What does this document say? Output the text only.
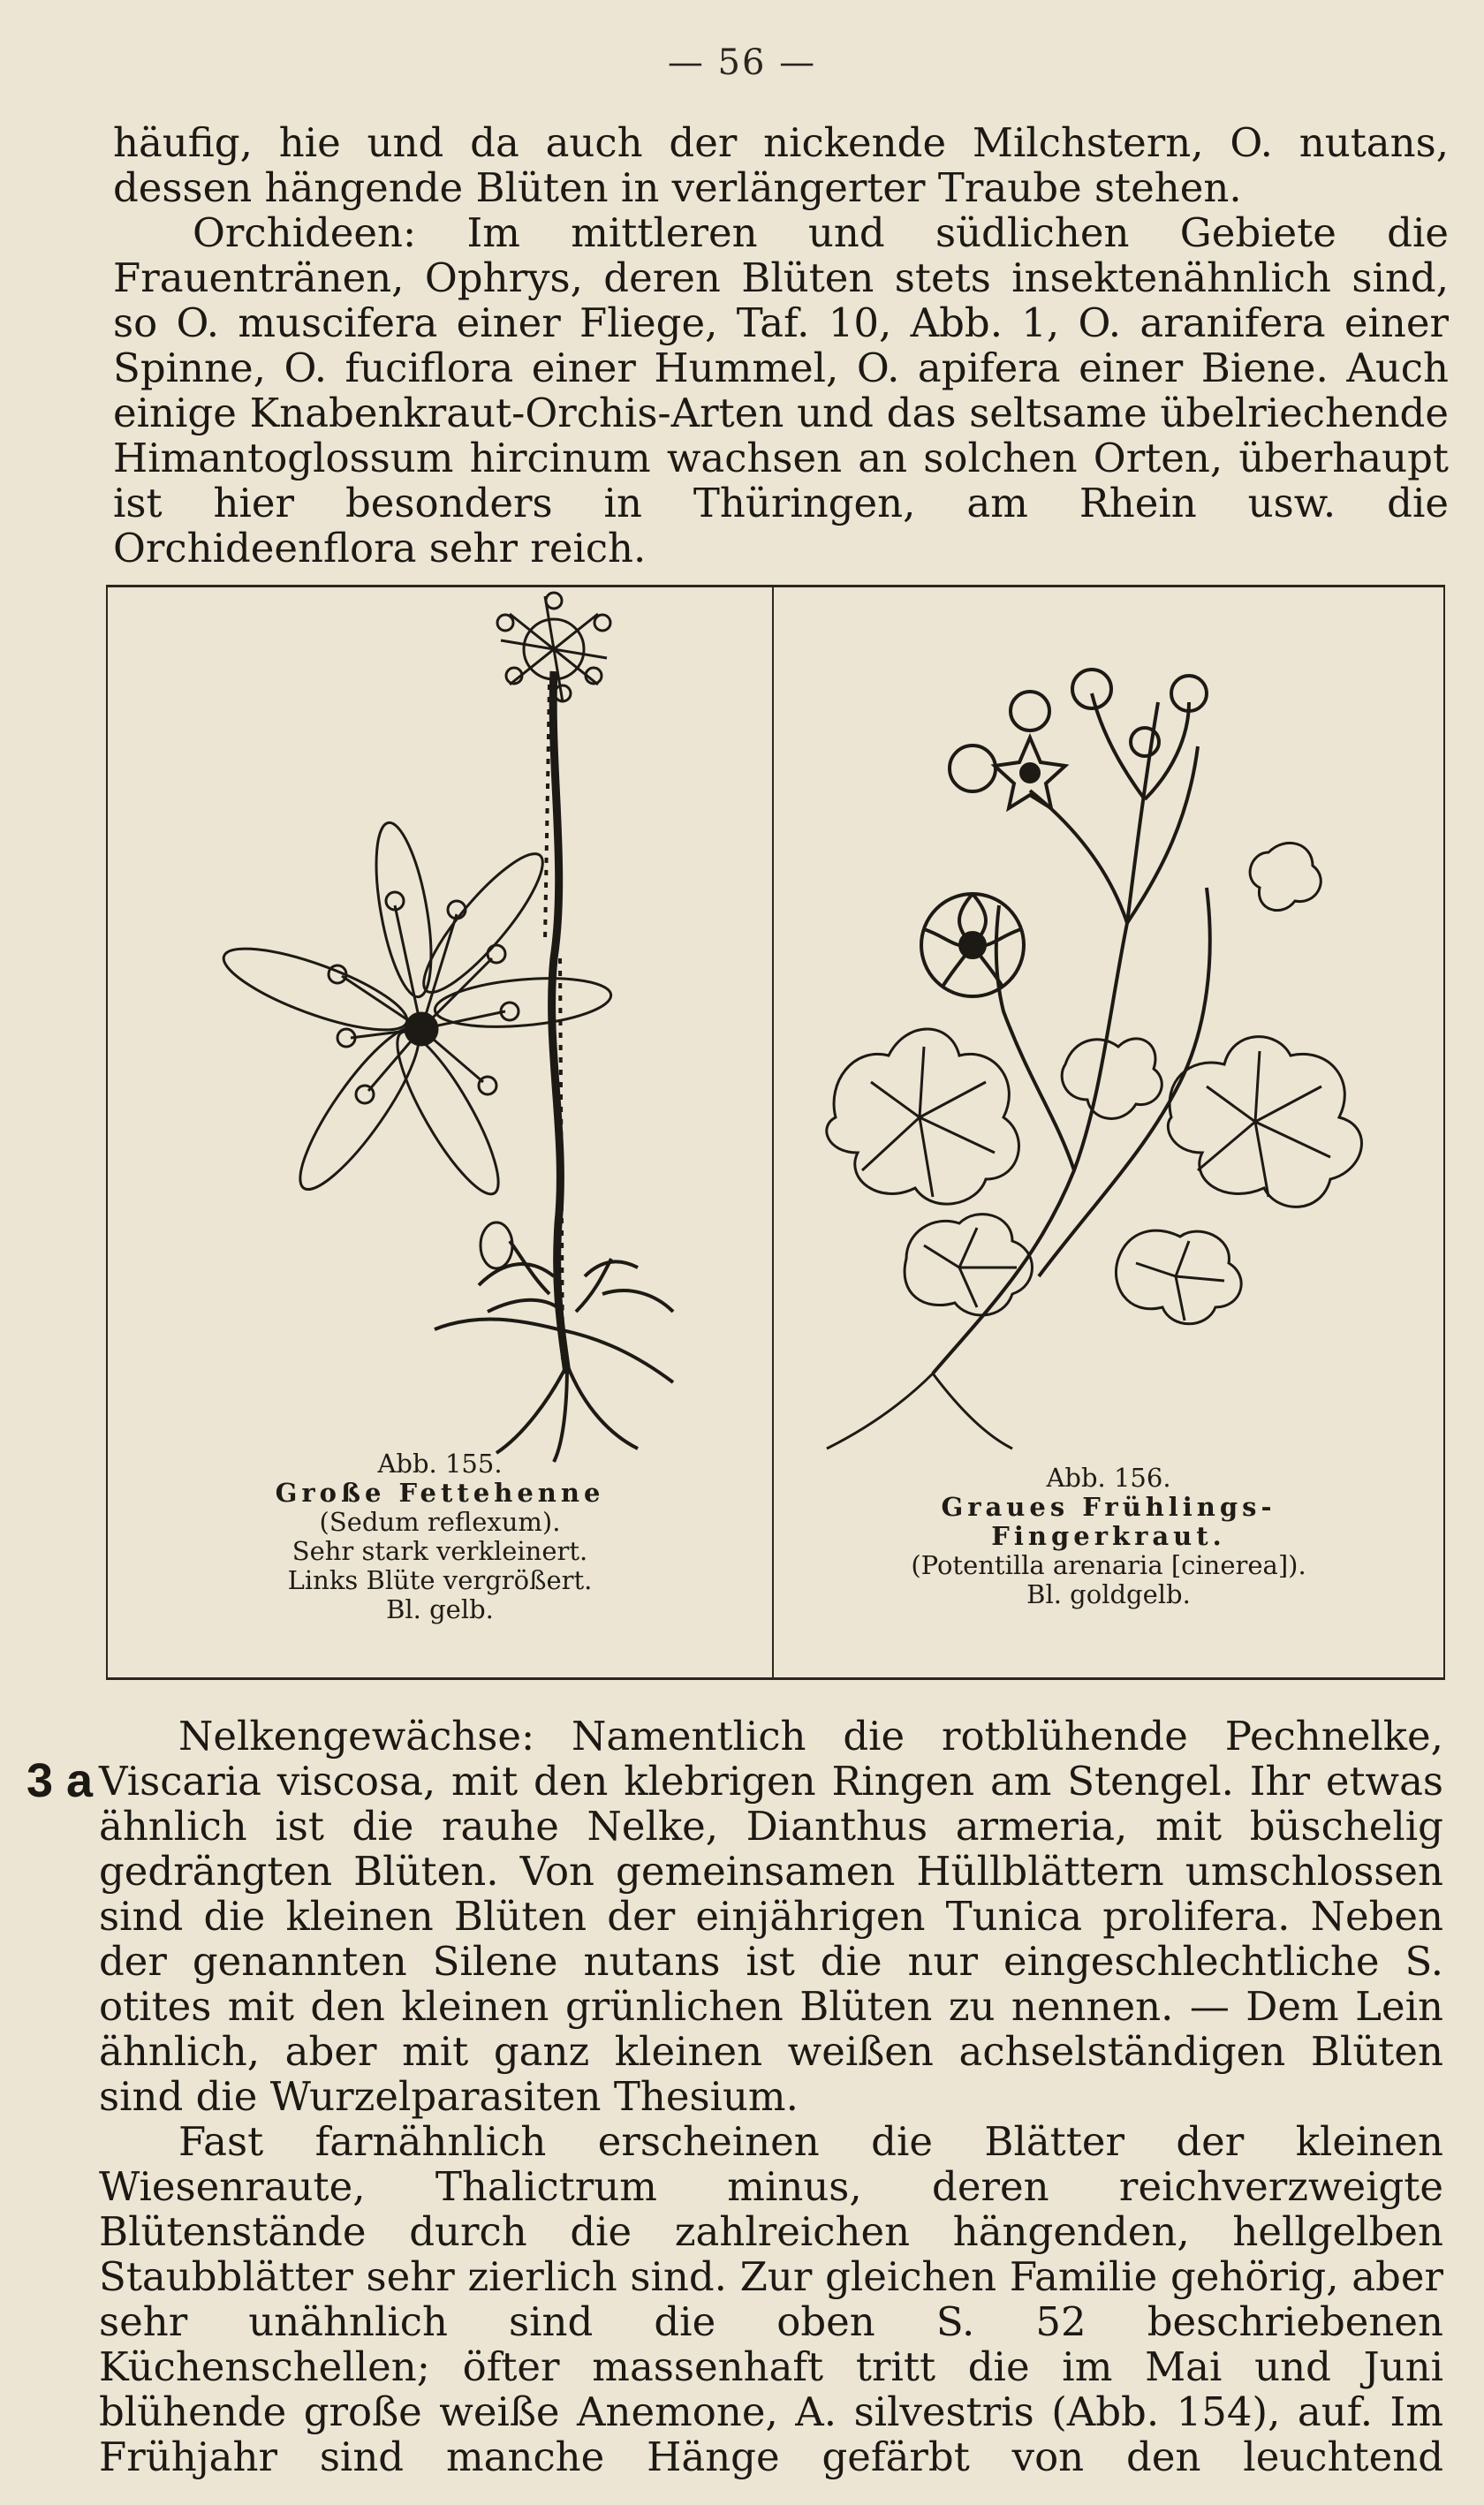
— 56 —

häufig, hie und da auch der nickende Milchstern, O. nutans, dessen hängende Blüten in verlängerter Traube stehen.

Orchideen: Im mittleren und südlichen Gebiete die Frauentränen, Ophrys, deren Blüten stets insektenähnlich sind, so O. muscifera einer Fliege, Taf. 10, Abb. 1, O. aranifera einer Spinne, O. fuciflora einer Hummel, O. apifera einer Biene. Auch einige Knabenkraut-Orchis-Arten und das seltsame übelriechende Himantoglossum hircinum wachsen an solchen Orten, überhaupt ist hier besonders in Thüringen, am Rhein usw. die Orchideenflora sehr reich.

Abb. 155.
Große Fettehenne
(Sedum reflexum).
Sehr stark verkleinert.
Links Blüte vergrößert.
Bl. gelb.
Abb. 156.
Graues Frühlings-
Fingerkraut.
(Potentilla arenaria [cinerea]).
Bl. goldgelb.
3 a

Nelkengewächse: Namentlich die rotblühende Pechnelke, Viscaria viscosa, mit den klebrigen Ringen am Stengel. Ihr etwas ähnlich ist die rauhe Nelke, Dianthus armeria, mit büschelig gedrängten Blüten. Von gemeinsamen Hüllblättern umschlossen sind die kleinen Blüten der einjährigen Tunica prolifera. Neben der genannten Silene nutans ist die nur eingeschlechtliche S. otites mit den kleinen grünlichen Blüten zu nennen. — Dem Lein ähnlich, aber mit ganz kleinen weißen achselständigen Blüten sind die Wurzelparasiten Thesium.

Fast farnähnlich erscheinen die Blätter der kleinen Wiesenraute, Thalictrum minus, deren reichverzweigte Blütenstände durch die zahlreichen hängenden, hellgelben Staubblätter sehr zierlich sind. Zur gleichen Familie gehörig, aber sehr unähnlich sind die oben S. 52 beschriebenen Küchenschellen; öfter massenhaft tritt die im Mai und Juni blühende große weiße Anemone, A. silvestris (Abb. 154), auf. Im Frühjahr sind manche Hänge gefärbt von den leuchtend
